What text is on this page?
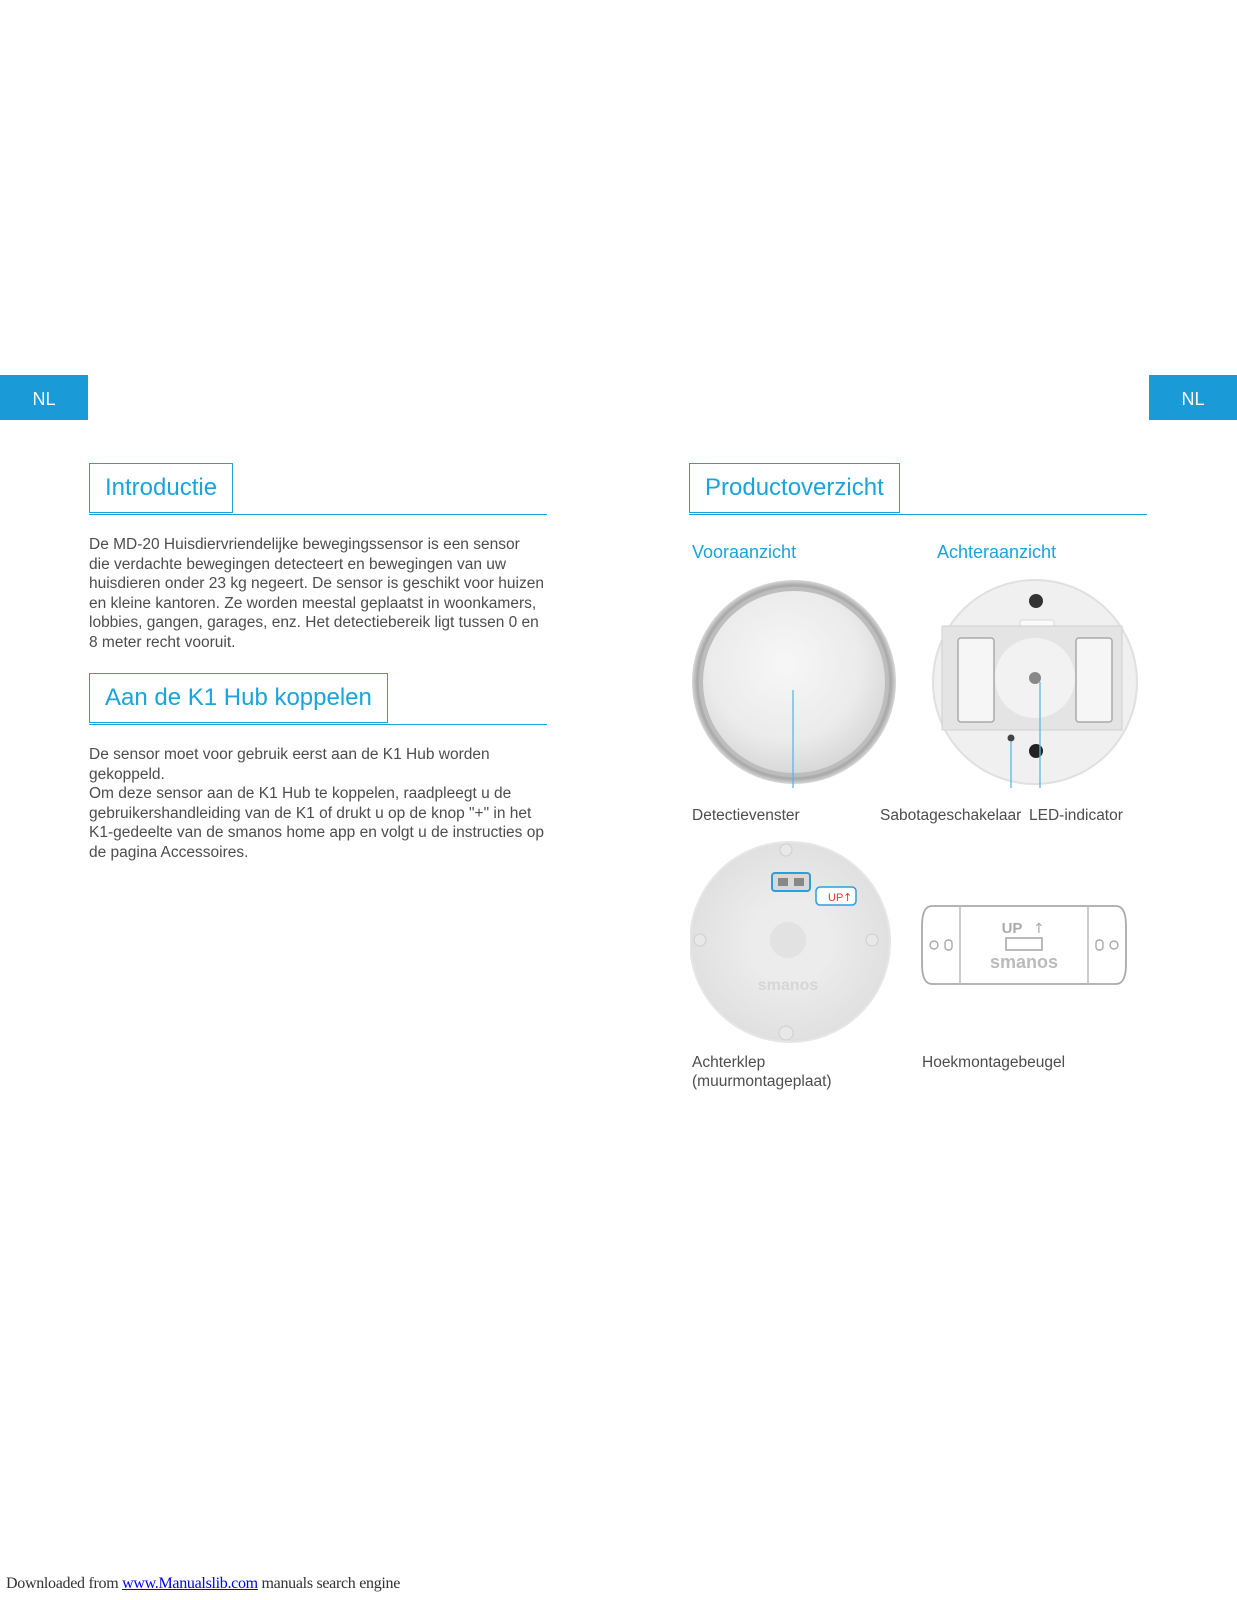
NL	NL
Introductie

De MD-20 Huisdiervriendelijke bewegingssensor is een sensor die verdachte bewegingen detecteert en bewegingen van uw huisdieren onder 23 kg negeert. De sensor is geschikt voor huizen en kleine kantoren. Ze worden meestal geplaatst in woonkamers, lobbies, gangen, garages, enz. Het detectiebereik ligt tussen 0 en 8 meter recht vooruit.

Aan de K1 Hub koppelen

De sensor moet voor gebruik eerst aan de K1 Hub worden gekoppeld.

Om deze sensor aan de K1 Hub te koppelen, raadpleegt u de gebruikershandleiding van de K1 of drukt u op de knop "+" in het K1-gedeelte van de smanos home app en volgt u de instructies op de pagina Accessoires.

Productoverzicht
Vooraanzicht	Achteraanzicht
Detectievenster	Sabotageschakelaar LED-indicator
UP ↑
smanos
UP ↑
smanos
Achterklep
(muurmontageplaat)
Hoekmontagebeugel
Downloaded from www.Manualslib.com manuals search engine
